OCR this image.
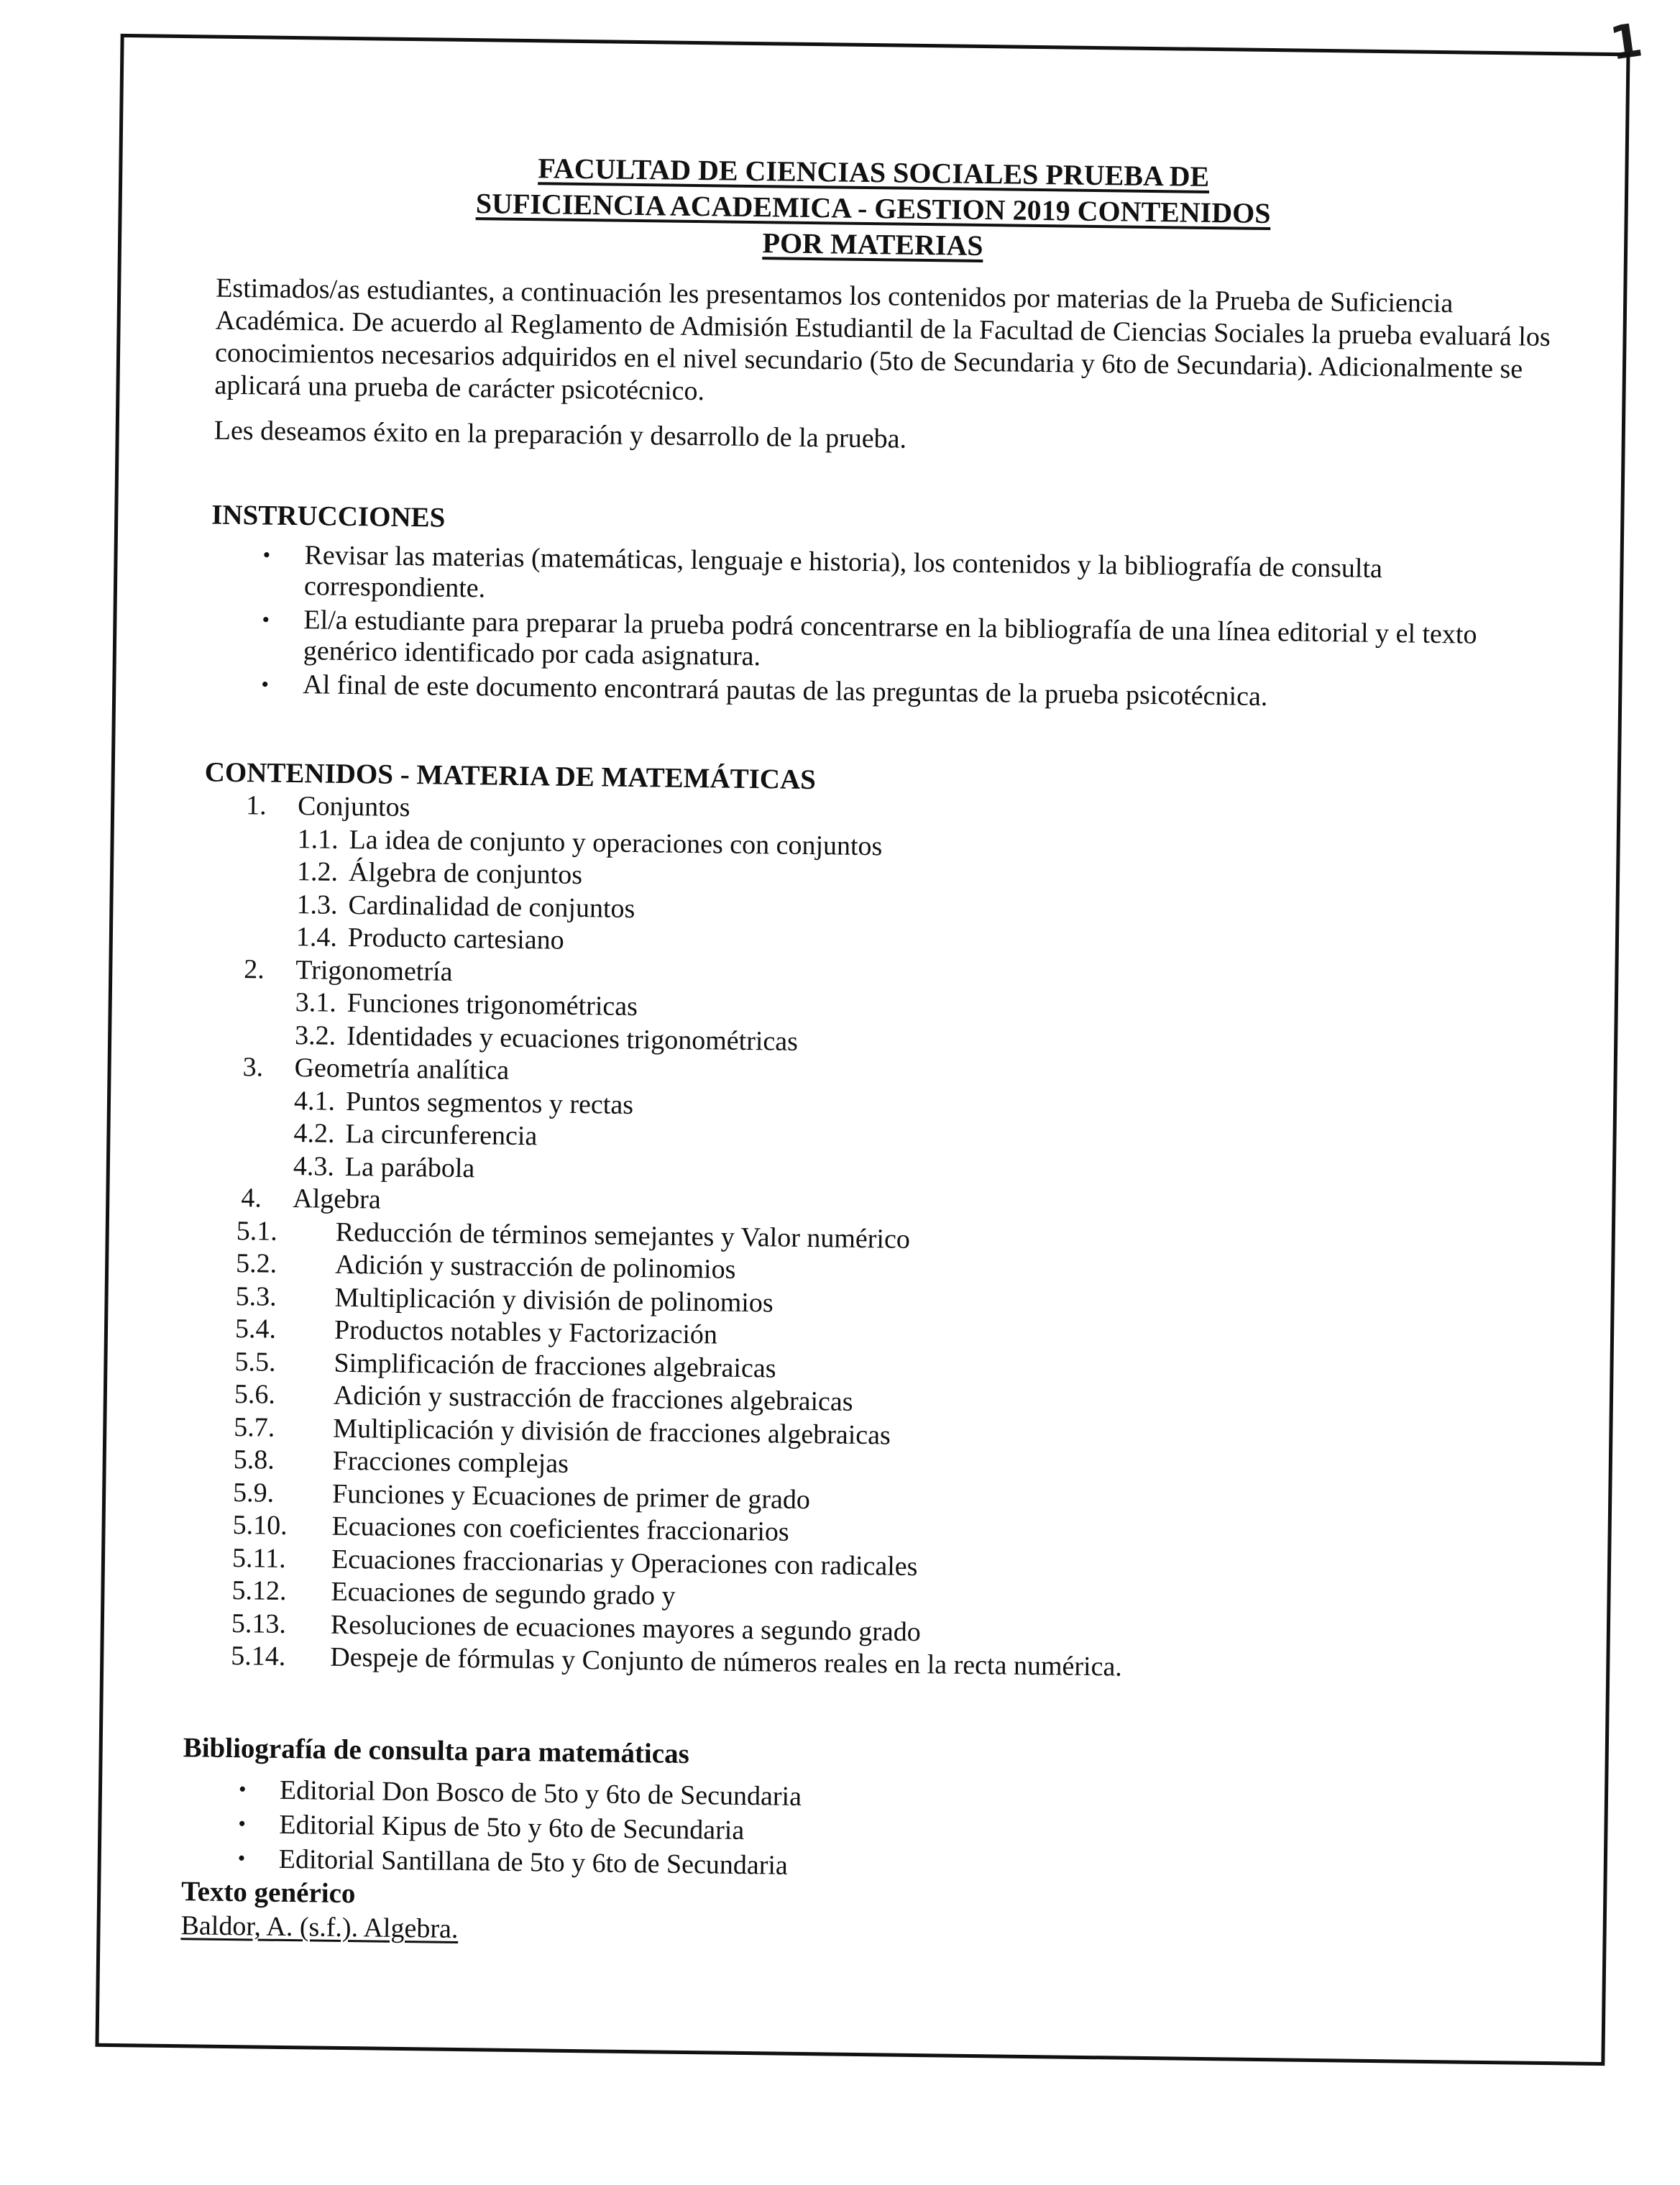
1
FACULTAD DE CIENCIAS SOCIALES PRUEBA DE
SUFICIENCIA ACADEMICA - GESTION 2019 CONTENIDOS
POR MATERIAS

Estimados/as estudiantes, a continuación les presentamos los contenidos por materias de la Prueba de Suficiencia Académica. De acuerdo al Reglamento de Admisión Estudiantil de la Facultad de Ciencias Sociales la prueba evaluará los conocimientos necesarios adquiridos en el nivel secundario (5to de Secundaria y 6to de Secundaria). Adicionalmente se aplicará una prueba de carácter psicotécnico.

Les deseamos éxito en la preparación y desarrollo de la prueba.

INSTRUCCIONES
• Revisar las materias (matemáticas, lenguaje e historia), los contenidos y la bibliografía de consulta correspondiente.
• El/a estudiante para preparar la prueba podrá concentrarse en la bibliografía de una línea editorial y el texto genérico identificado por cada asignatura.
• Al final de este documento encontrará pautas de las preguntas de la prueba psicotécnica.
CONTENIDOS - MATERIA DE MATEMÁTICAS
1.	Conjuntos
1.1. La idea de conjunto y operaciones con conjuntos
1.2. Álgebra de conjuntos
1.3. Cardinalidad de conjuntos
1.4. Producto cartesiano
2.	Trigonometría
3.1. Funciones trigonométricas
3.2. Identidades y ecuaciones trigonométricas
3.	Geometría analítica
4.1. Puntos segmentos y rectas
4.2. La circunferencia
4.3. La parábola
4.	Algebra
5.1.	Reducción de términos semejantes y Valor numérico
5.2.	Adición y sustracción de polinomios
5.3.	Multiplicación y división de polinomios
5.4.	Productos notables y Factorización
5.5.	Simplificación de fracciones algebraicas
5.6.	Adición y sustracción de fracciones algebraicas
5.7.	Multiplicación y división de fracciones algebraicas
5.8.	Fracciones complejas
5.9.	Funciones y Ecuaciones de primer de grado
5.10.	Ecuaciones con coeficientes fraccionarios
5.11.	Ecuaciones fraccionarias y Operaciones con radicales
5.12.	Ecuaciones de segundo grado y
5.13.	Resoluciones de ecuaciones mayores a segundo grado
5.14.	Despeje de fórmulas y Conjunto de números reales en la recta numérica.
Bibliografía de consulta para matemáticas
• Editorial Don Bosco de 5to y 6to de Secundaria
• Editorial Kipus de 5to y 6to de Secundaria
• Editorial Santillana de 5to y 6to de Secundaria
Texto genérico
Baldor, A. (s.f.). Algebra.
